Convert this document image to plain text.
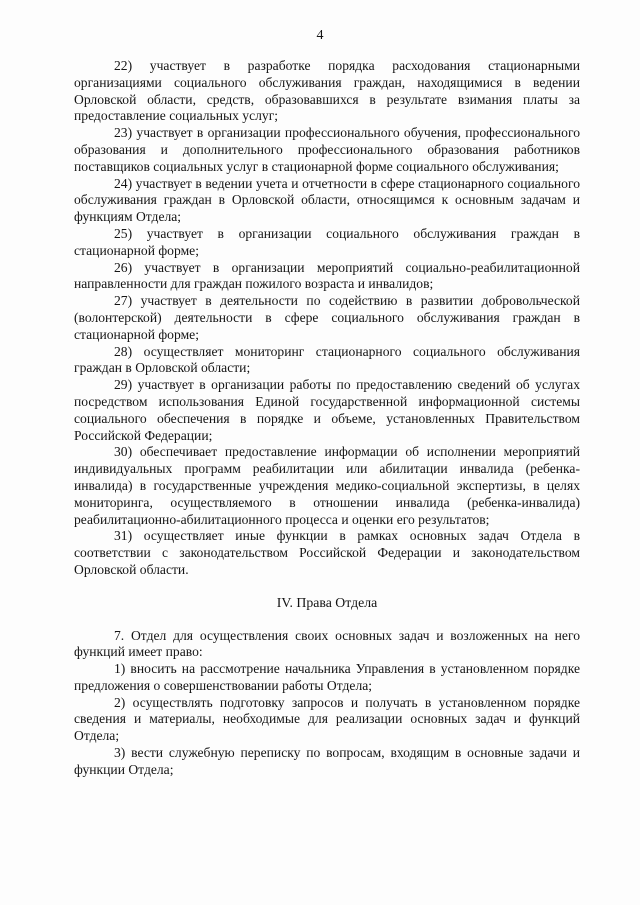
4

22) участвует в разработке порядка расходования стационарными организациями социального обслуживания граждан, находящимися в ведении Орловской области, средств, образовавшихся в результате взимания платы за предоставление социальных услуг;

23) участвует в организации профессионального обучения, профессионального образования и дополнительного профессионального образования работников поставщиков социальных услуг в стационарной форме социального обслуживания;

24) участвует в ведении учета и отчетности в сфере стационарного социального обслуживания граждан в Орловской области, относящимся к основным задачам и функциям Отдела;

25) участвует в организации социального обслуживания граждан в стационарной форме;

26) участвует в организации мероприятий социально-реабилитационной направленности для граждан пожилого возраста и инвалидов;

27) участвует в деятельности по содействию в развитии добровольческой (волонтерской) деятельности в сфере социального обслуживания граждан в стационарной форме;

28) осуществляет мониторинг стационарного социального обслуживания граждан в Орловской области;

29) участвует в организации работы по предоставлению сведений об услугах посредством использования Единой государственной информационной системы социального обеспечения в порядке и объеме, установленных Правительством Российской Федерации;

30) обеспечивает предоставление информации об исполнении мероприятий индивидуальных программ реабилитации или абилитации инвалида (ребенка-инвалида) в государственные учреждения медико-социальной экспертизы, в целях мониторинга, осуществляемого в отношении инвалида (ребенка-инвалида) реабилитационно-абилитационного процесса и оценки его результатов;

31) осуществляет иные функции в рамках основных задач Отдела в соответствии с законодательством Российской Федерации и законодательством Орловской области.

IV. Права Отдела

7. Отдел для осуществления своих основных задач и возложенных на него функций имеет право:

1) вносить на рассмотрение начальника Управления в установленном порядке предложения о совершенствовании работы Отдела;

2) осуществлять подготовку запросов и получать в установленном порядке сведения и материалы, необходимые для реализации основных задач и функций Отдела;

3) вести служебную переписку по вопросам, входящим в основные задачи и функции Отдела;
